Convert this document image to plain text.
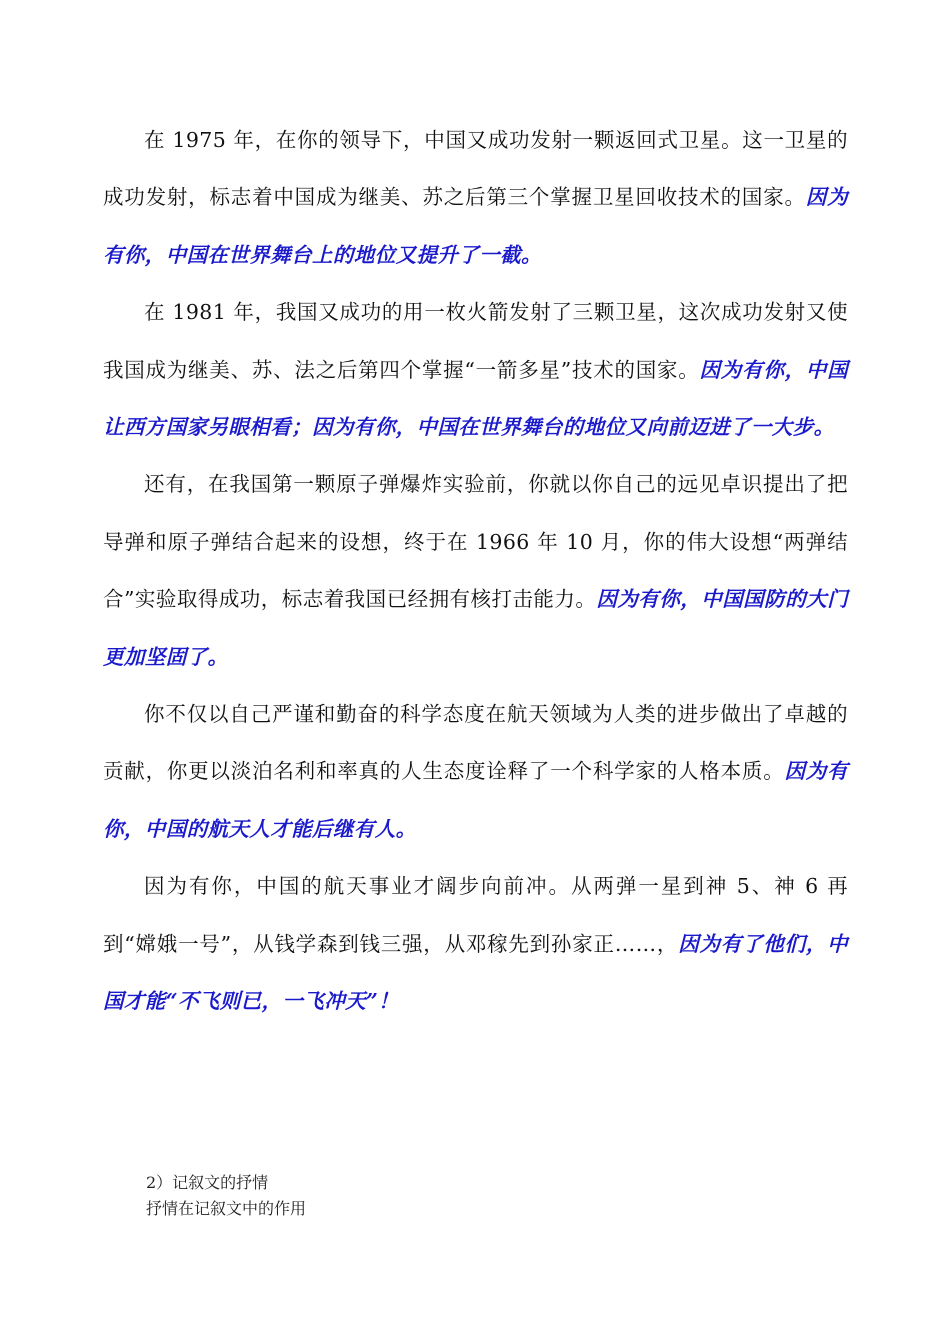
在 1975 年，在你的领导下，中国又成功发射一颗返回式卫星。这一卫星的成功发射，标志着中国成为继美、苏之后第三个掌握卫星回收技术的国家。因为有你，中国在世界舞台上的地位又提升了一截。

在 1981 年，我国又成功的用一枚火箭发射了三颗卫星，这次成功发射又使我国成为继美、苏、法之后第四个掌握“一箭多星”技术的国家。因为有你，中国让西方国家另眼相看；因为有你，中国在世界舞台的地位又向前迈进了一大步。

还有，在我国第一颗原子弹爆炸实验前，你就以你自己的远见卓识提出了把导弹和原子弹结合起来的设想，终于在 1966 年 10 月，你的伟大设想“两弹结合”实验取得成功，标志着我国已经拥有核打击能力。因为有你，中国国防的大门更加坚固了。

你不仅以自己严谨和勤奋的科学态度在航天领域为人类的进步做出了卓越的贡献，你更以淡泊名利和率真的人生态度诠释了一个科学家的人格本质。因为有你，中国的航天人才能后继有人。

因为有你，中国的航天事业才阔步向前冲。从两弹一星到神 5、神 6 再到“嫦娥一号”，从钱学森到钱三强，从邓稼先到孙家正……，因为有了他们，中国才能“不飞则已，一飞冲天”！

2）记叙文的抒情
抒情在记叙文中的作用
